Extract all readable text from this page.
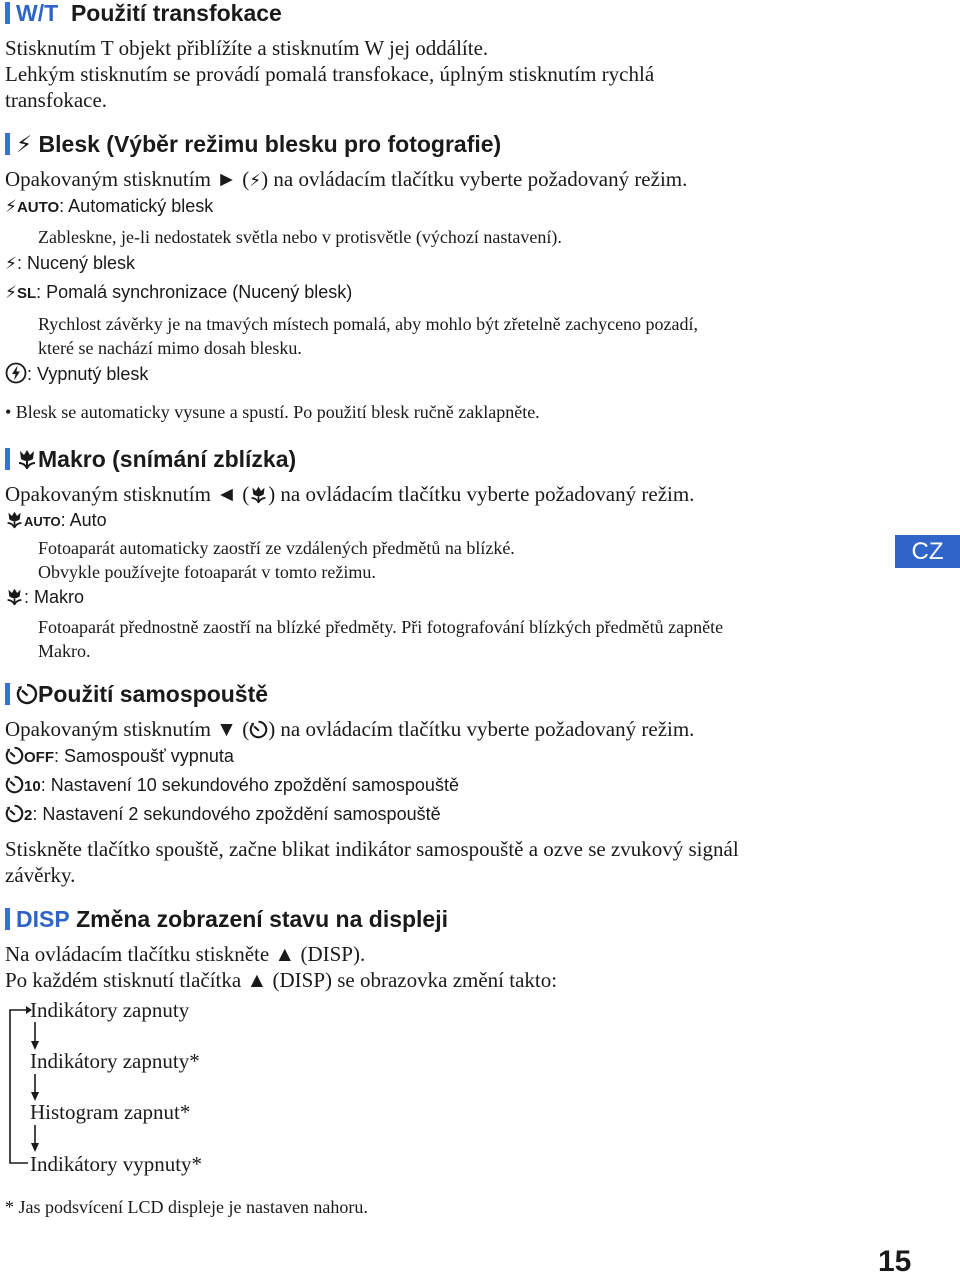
W/T Použití transfokace
Stisknutím T objekt přiblížíte a stisknutím W jej oddálíte.
Lehkým stisknutím se provádí pomalá transfokace, úplným stisknutím rychlá
transfokace.
⚡ Blesk (Výběr režimu blesku pro fotografie)
Opakovaným stisknutím ► (⚡) na ovládacím tlačítku vyberte požadovaný režim.
⚡AUTO: Automatický blesk
Zableskne, je-li nedostatek světla nebo v protisvětle (výchozí nastavení).
⚡: Nucený blesk
⚡SL: Pomalá synchronizace (Nucený blesk)
Rychlost závěrky je na tmavých místech pomalá, aby mohlo být zřetelně zachyceno pozadí,
které se nachází mimo dosah blesku.
: Vypnutý blesk
• Blesk se automaticky vysune a spustí. Po použití blesk ručně zaklapněte.
Makro (snímání zblízka)
Opakovaným stisknutím ◄ ( ) na ovládacím tlačítku vyberte požadovaný režim.
AUTO: Auto
Fotoaparát automaticky zaostří ze vzdálených předmětů na blízké.
Obvykle používejte fotoaparát v tomto režimu.
: Makro
Fotoaparát přednostně zaostří na blízké předměty. Při fotografování blízkých předmětů zapněte
Makro.
Použití samospouště
Opakovaným stisknutím ▼ ( ) na ovládacím tlačítku vyberte požadovaný režim.
OFF: Samospoušť vypnuta
10: Nastavení 10 sekundového zpoždění samospouště
2: Nastavení 2 sekundového zpoždění samospouště
Stiskněte tlačítko spouště, začne blikat indikátor samospouště a ozve se zvukový signál
závěrky.
DISP Změna zobrazení stavu na displeji
Na ovládacím tlačítku stiskněte ▲ (DISP).
Po každém stisknutí tlačítka ▲ (DISP) se obrazovka změní takto:
Indikátory zapnuty
Indikátory zapnuty*
Histogram zapnut*
Indikátory vypnuty*
* Jas podsvícení LCD displeje je nastaven nahoru.
CZ
15
